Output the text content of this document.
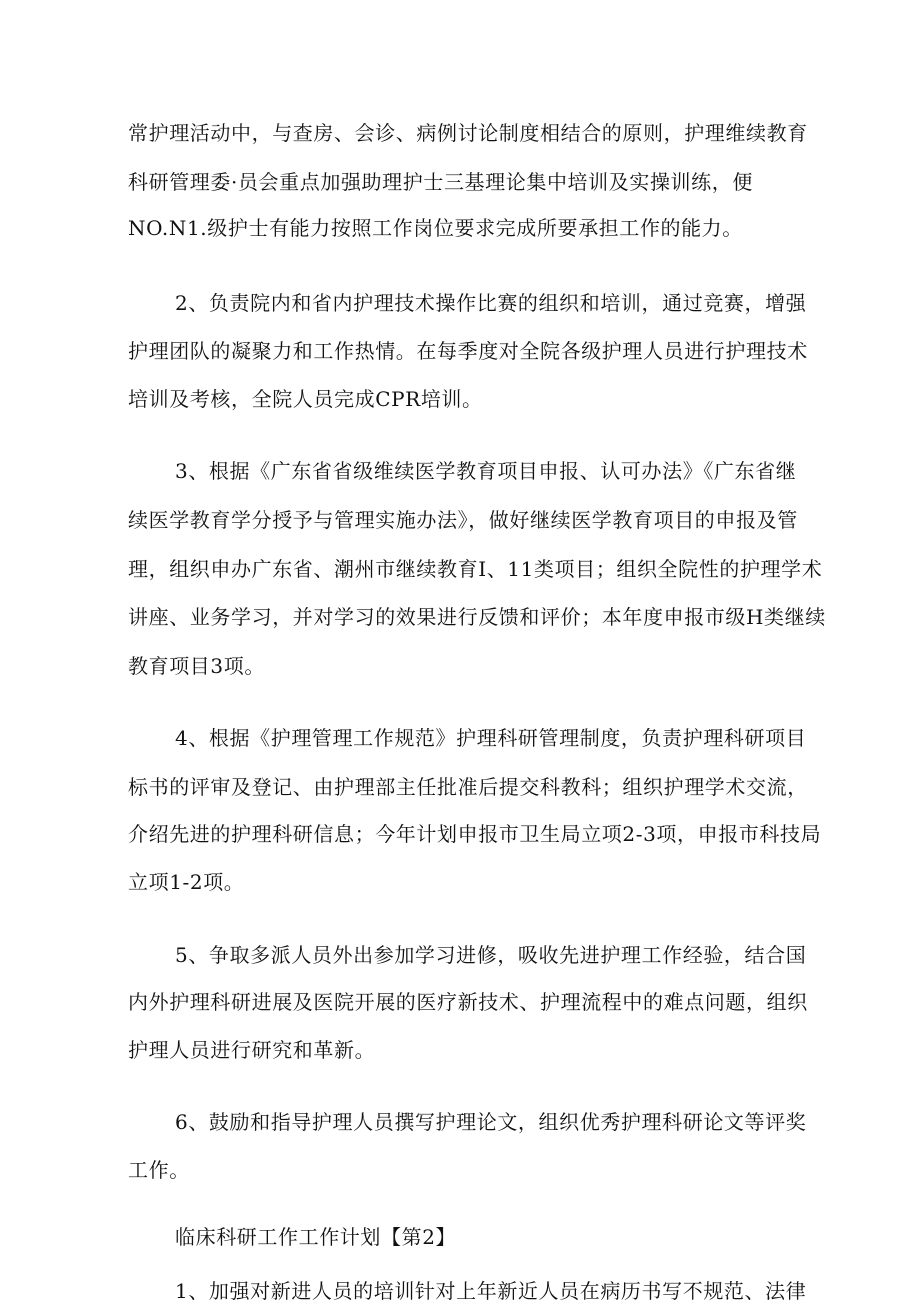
常护理活动中，与查房、会诊、病例讨论制度相结合的原则，护理维续教育

科研管理委·员会重点加强助理护士三基理论集中培训及实操训练，便

NO.N1.级护士有能力按照工作岗位要求完成所要承担工作的能力。

2、负责院内和省内护理技术操作比赛的组织和培训，通过竞赛，增强

护理团队的凝聚力和工作热情。在每季度对全院各级护理人员进行护理技术

培训及考核，全院人员完成CPR培训。

3、根据《广东省省级维续医学教育项目申报、认可办法》《广东省继

续医学教育学分授予与管理实施办法》，做好继续医学教育项目的申报及管

理，组织申办广东省、潮州市继续教育I、11类项目；组织全院性的护理学术

讲座、业务学习，并对学习的效果进行反馈和评价；本年度申报市级H类继续

教育项目3项。

4、根据《护理管理工作规范》护理科研管理制度，负责护理科研项目

标书的评审及登记、由护理部主任批准后提交科教科；组织护理学术交流，

介绍先进的护理科研信息；今年计划申报市卫生局立项2-3项，申报市科技局

立项1-2项。

5、争取多派人员外出参加学习进修，吸收先进护理工作经验，结合国

内外护理科研进展及医院开展的医疗新技术、护理流程中的难点问题，组织

护理人员进行研究和革新。

6、鼓励和指导护理人员撰写护理论文，组织优秀护理科研论文等评奖

工作。

临床科研工作工作计划【第2】

1、加强对新进人员的培训针对上年新近人员在病历书写不规范、法律
